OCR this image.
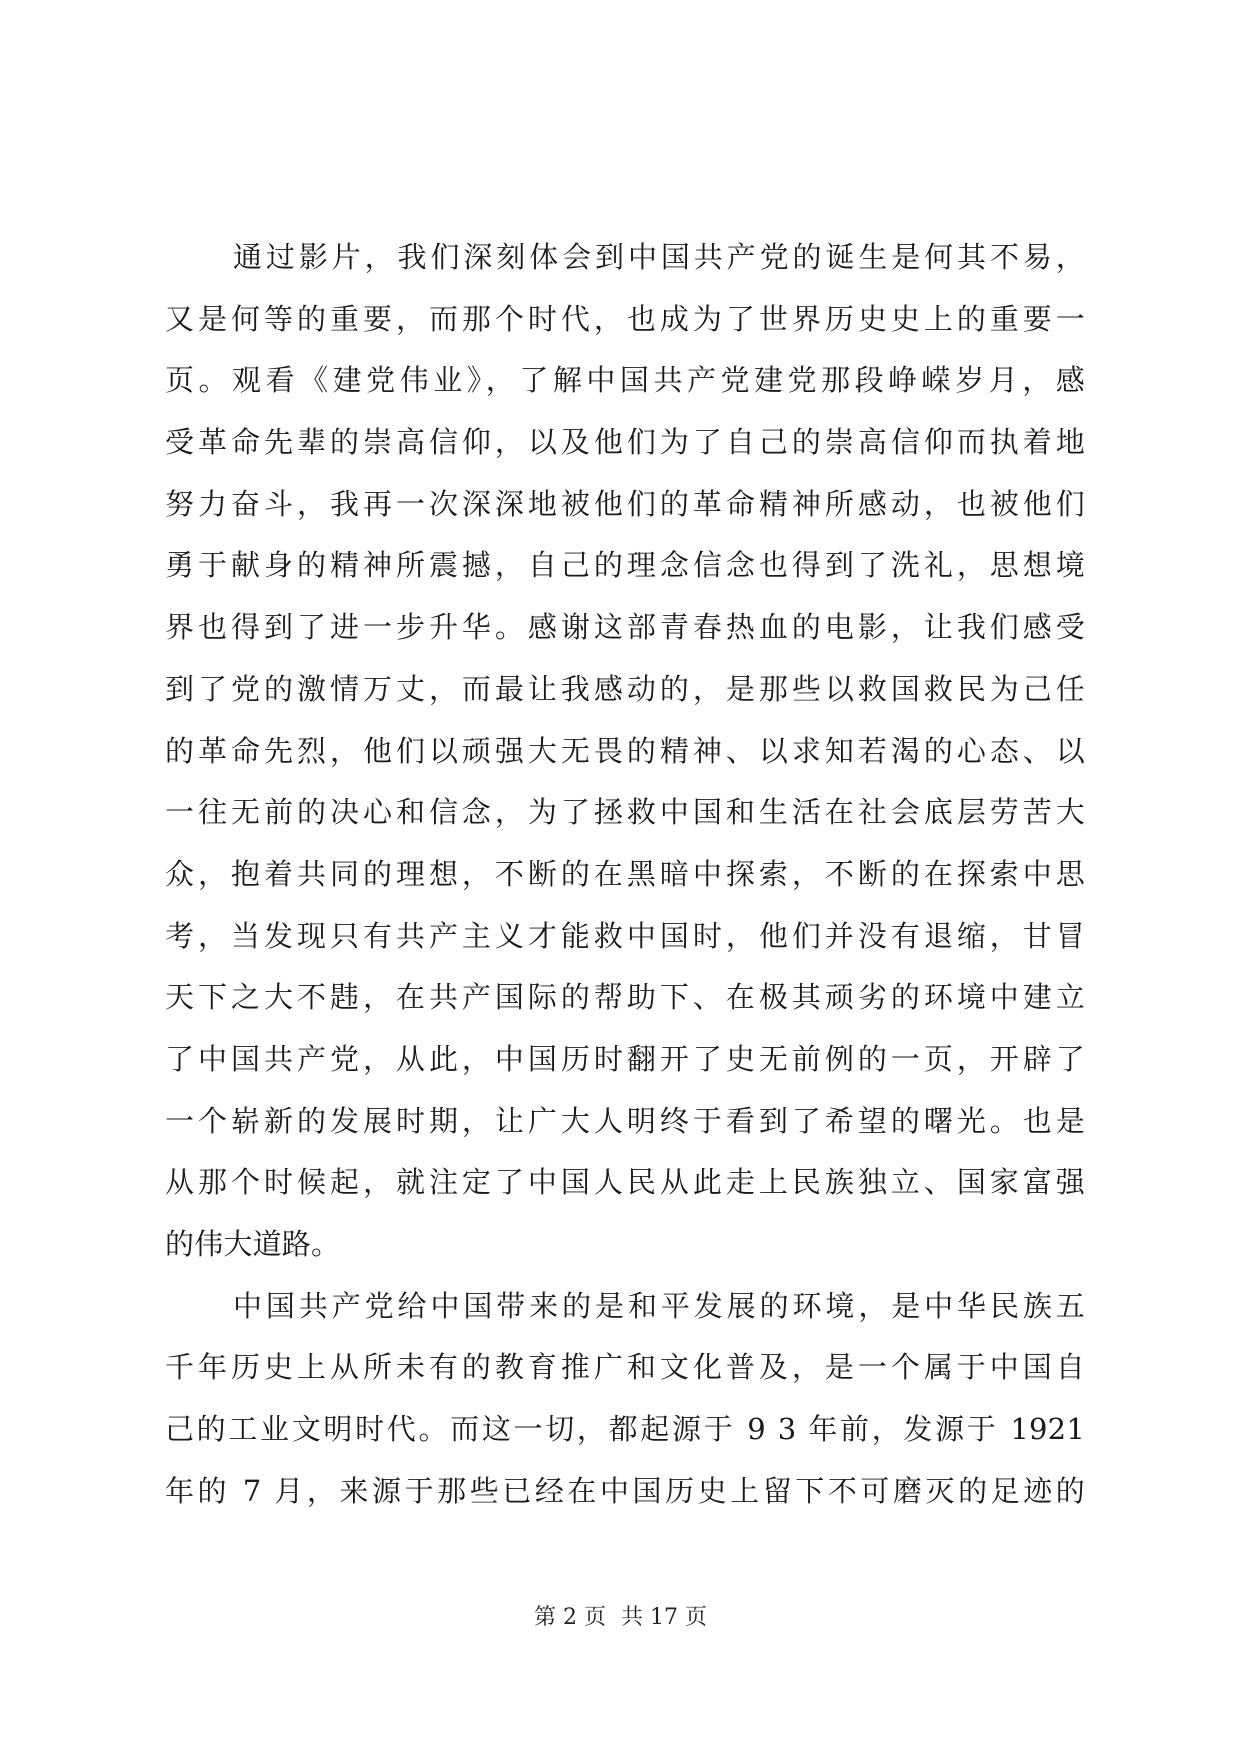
通过影片，我们深刻体会到中国共产党的诞生是何其不易，
又是何等的重要，而那个时代，也成为了世界历史史上的重要一
页。观看《建党伟业》，了解中国共产党建党那段峥嵘岁月，感
受革命先辈的崇高信仰，以及他们为了自己的崇高信仰而执着地
努力奋斗，我再一次深深地被他们的革命精神所感动，也被他们
勇于献身的精神所震撼，自己的理念信念也得到了洗礼，思想境
界也得到了进一步升华。感谢这部青春热血的电影，让我们感受
到了党的激情万丈，而最让我感动的，是那些以救国救民为己任
的革命先烈，他们以顽强大无畏的精神、以求知若渴的心态、以
一往无前的决心和信念，为了拯救中国和生活在社会底层劳苦大
众，抱着共同的理想，不断的在黑暗中探索，不断的在探索中思
考，当发现只有共产主义才能救中国时，他们并没有退缩，甘冒
天下之大不韪，在共产国际的帮助下、在极其顽劣的环境中建立
了中国共产党，从此，中国历时翻开了史无前例的一页，开辟了
一个崭新的发展时期，让广大人明终于看到了希望的曙光。也是
从那个时候起，就注定了中国人民从此走上民族独立、国家富强
的伟大道路。
中国共产党给中国带来的是和平发展的环境，是中华民族五
千年历史上从所未有的教育推广和文化普及，是一个属于中国自
己的工业文明时代。而这一切，都起源于 9 3 年前，发源于 1921
年的 7 月，来源于那些已经在中国历史上留下不可磨灭的足迹的
第 2 页 共 17 页
